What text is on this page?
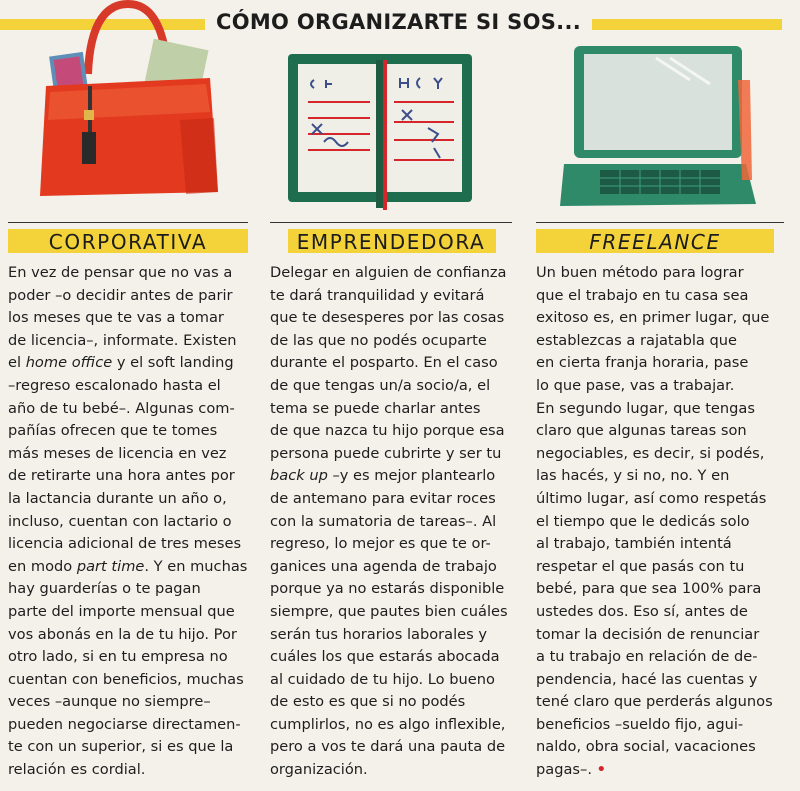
CÓMO ORGANIZARTE SI SOS...
CORPORATIVA
En vez de pensar que no vas a
poder –o decidir antes de parir
los meses que te vas a tomar
de licencia–, informate. Existen
el home office y el soft landing
–regreso escalonado hasta el
año de tu bebé–. Algunas com-
pañías ofrecen que te tomes
más meses de licencia en vez
de retirarte una hora antes por
la lactancia durante un año o,
incluso, cuentan con lactario o
licencia adicional de tres meses
en modo part time. Y en muchas
hay guarderías o te pagan
parte del importe mensual que
vos abonás en la de tu hijo. Por
otro lado, si en tu empresa no
cuentan con beneficios, muchas
veces –aunque no siempre–
pueden negociarse directamen-
te con un superior, si es que la
relación es cordial.
EMPRENDEDORA
Delegar en alguien de confianza
te dará tranquilidad y evitará
que te desesperes por las cosas
de las que no podés ocuparte
durante el posparto. En el caso
de que tengas un/a socio/a, el
tema se puede charlar antes
de que nazca tu hijo porque esa
persona puede cubrirte y ser tu
back up –y es mejor plantearlo
de antemano para evitar roces
con la sumatoria de tareas–. Al
regreso, lo mejor es que te or-
ganices una agenda de trabajo
porque ya no estarás disponible
siempre, que pautes bien cuáles
serán tus horarios laborales y
cuáles los que estarás abocada
al cuidado de tu hijo. Lo bueno
de esto es que si no podés
cumplirlos, no es algo inflexible,
pero a vos te dará una pauta de
organización.
FREELANCE
Un buen método para lograr
que el trabajo en tu casa sea
exitoso es, en primer lugar, que
establezcas a rajatabla que
en cierta franja horaria, pase
lo que pase, vas a trabajar.
En segundo lugar, que tengas
claro que algunas tareas son
negociables, es decir, si podés,
las hacés, y si no, no. Y en
último lugar, así como respetás
el tiempo que le dedicás solo
al trabajo, también intentá
respetar el que pasás con tu
bebé, para que sea 100% para
ustedes dos. Eso sí, antes de
tomar la decisión de renunciar
a tu trabajo en relación de de-
pendencia, hacé las cuentas y
tené claro que perderás algunos
beneficios –sueldo fijo, agui-
naldo, obra social, vacaciones
pagas–. •
